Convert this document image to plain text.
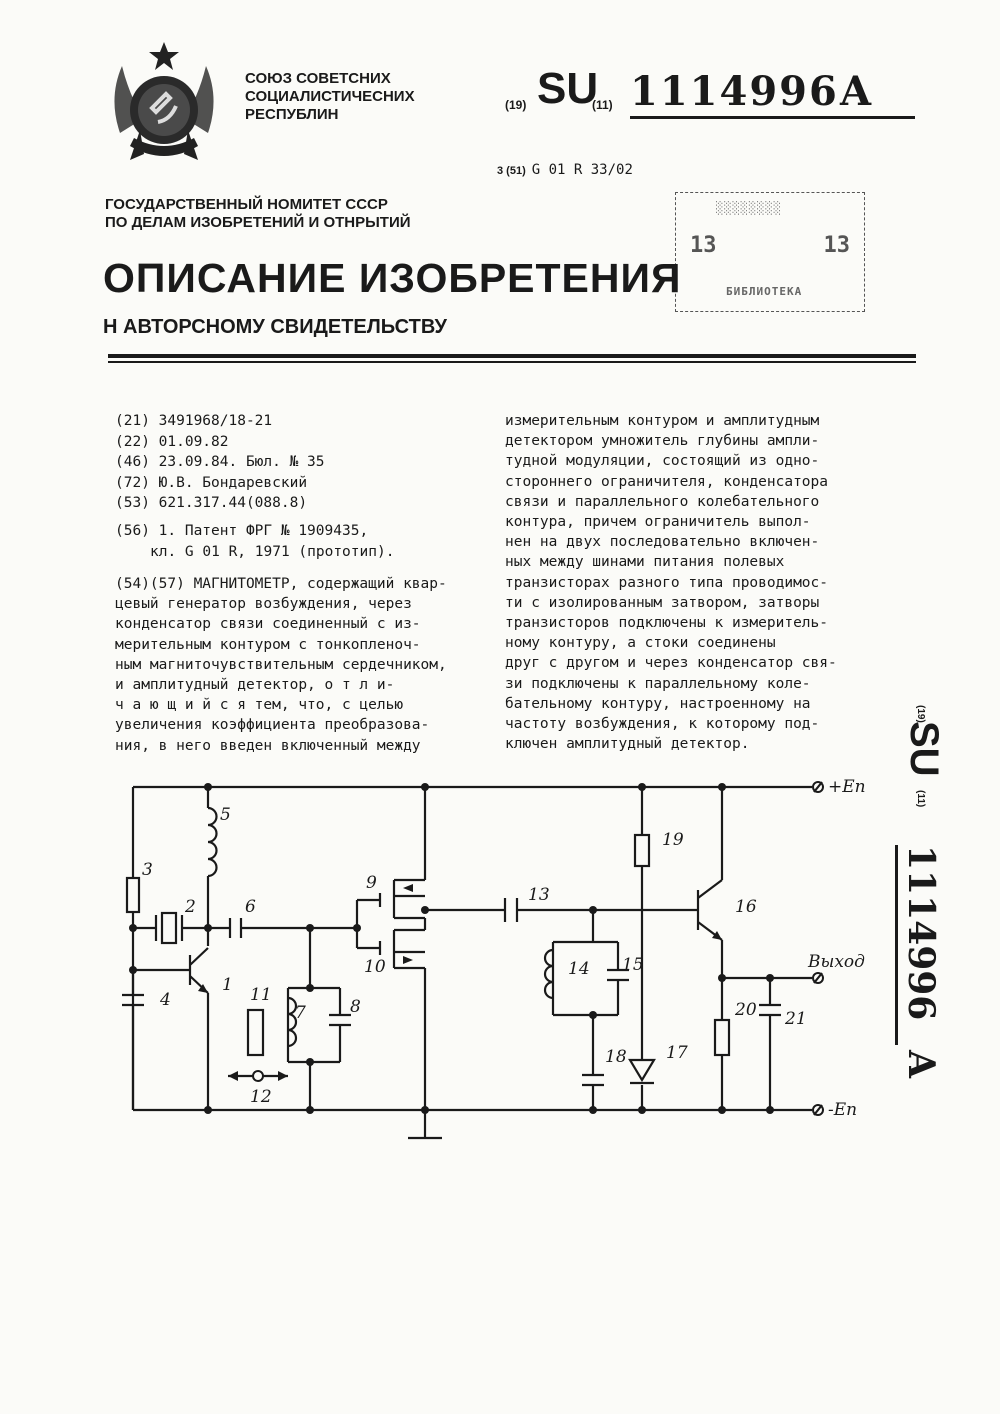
СОЮЗ СОВЕТСНИХ
СОЦИАЛИСТИЧЕСНИХ
РЕСПУБЛИН
(19) SU
(11) 1114996 A
3 (51) G 01 R 33/02
ГОСУДАРСТВЕННЫЙ НОМИТЕТ СССР
ПО ДЕЛАМ ИЗОБРЕТЕНИЙ И ОТНРЫТИЙ
░░░░░░░░
13	13
БИБЛИОТЕКА
ОПИСАНИЕ ИЗОБРЕТЕНИЯ
Н АВТОРСНОМУ СВИДЕТЕЛЬСТВУ
(21) 3491968/18-21
(22) 01.09.82
(46) 23.09.84. Бюл. № 35
(72) Ю.В. Бондаревский
(53) 621.317.44(088.8)
(56) 1. Патент ФРГ № 1909435,
кл. G 01 R, 1971 (прототип).
(54)(57) МАГНИТОМЕТР, содержащий квар-
цевый генератор возбуждения, через
конденсатор связи соединенный с из-
мерительным контуром с тонкопленоч-
ным магниточувствительным сердечником,
и амплитудный детектор, о т л и-
ч а ю щ и й с я тем, что, с целью
увеличения коэффициента преобразова-
ния, в него введен включенный между
измерительным контуром и амплитудным
детектором умножитель глубины ампли-
тудной модуляции, состоящий из одно-
стороннего ограничителя, конденсатора
связи и параллельного колебательного
контура, причем ограничитель выпол-
нен на двух последовательно включен-
ных между шинами питания полевых
транзисторах разного типа проводимос-
ти с изолированным затвором, затворы
транзисторов подключены к измеритель-
ному контуру, а стоки соединены
друг с другом и через конденсатор свя-
зи подключены к параллельному коле-
бательному контуру, настроенному на
частоту возбуждения, к которому под-
ключен амплитудный детектор.
(19)
SU
(11)
1114996
A
1
2
3
4
5
6
7	8
9
10
11
12
13
14 15
16
17
18
19
20 21
+Eп
Выход
-Eп
